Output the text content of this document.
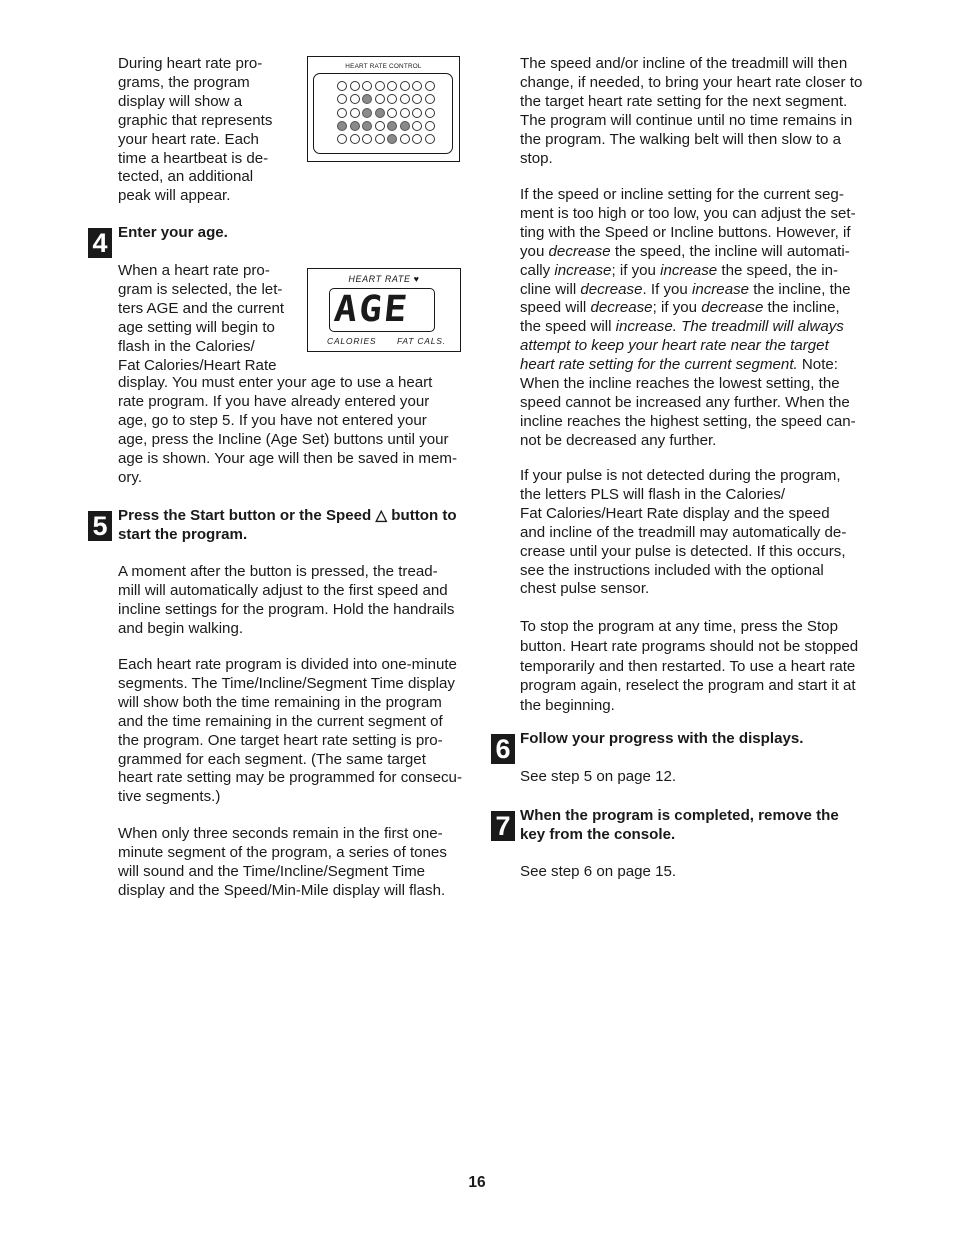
During heart rate pro-
grams, the program
display will show a
graphic that represents
your heart rate. Each
time a heartbeat is de-
tected, an additional
peak will appear.

HEART RATE CONTROL
4 Enter your age.

When a heart rate pro-
gram is selected, the let-
ters AGE and the current
age setting will begin to
flash in the Calories/
Fat Calories/Heart Rate

display. You must enter your age to use a heart
rate program. If you have already entered your
age, go to step 5. If you have not entered your
age, press the Incline (Age Set) buttons until your
age is shown. Your age will then be saved in mem-
ory.

HEART RATE ♥
AGE
CALORIES FAT CALS.
5 Press the Start button or the Speed △ button to
start the program.

A moment after the button is pressed, the tread-
mill will automatically adjust to the first speed and
incline settings for the program. Hold the handrails
and begin walking.

Each heart rate program is divided into one-minute
segments. The Time/Incline/Segment Time display
will show both the time remaining in the program
and the time remaining in the current segment of
the program. One target heart rate setting is pro-
grammed for each segment. (The same target
heart rate setting may be programmed for consecu-
tive segments.)

When only three seconds remain in the first one-
minute segment of the program, a series of tones
will sound and the Time/Incline/Segment Time
display and the Speed/Min-Mile display will flash.

The speed and/or incline of the treadmill will then
change, if needed, to bring your heart rate closer to
the target heart rate setting for the next segment.
The program will continue until no time remains in
the program. The walking belt will then slow to a
stop.

If the speed or incline setting for the current seg-
ment is too high or too low, you can adjust the set-
ting with the Speed or Incline buttons. However, if
you decrease the speed, the incline will automati-
cally increase; if you increase the speed, the in-
cline will decrease. If you increase the incline, the
speed will decrease; if you decrease the incline,
the speed will increase. The treadmill will always
attempt to keep your heart rate near the target
heart rate setting for the current segment. Note:
When the incline reaches the lowest setting, the
speed cannot be increased any further. When the
incline reaches the highest setting, the speed can-
not be decreased any further.

If your pulse is not detected during the program,
the letters PLS will flash in the Calories/
Fat Calories/Heart Rate display and the speed
and incline of the treadmill may automatically de-
crease until your pulse is detected. If this occurs,
see the instructions included with the optional
chest pulse sensor.

To stop the program at any time, press the Stop
button. Heart rate programs should not be stopped
temporarily and then restarted. To use a heart rate
program again, reselect the program and start it at
the beginning.

6 Follow your progress with the displays.

See step 5 on page 12.

7 When the program is completed, remove the
key from the console.

See step 6 on page 15.

16
